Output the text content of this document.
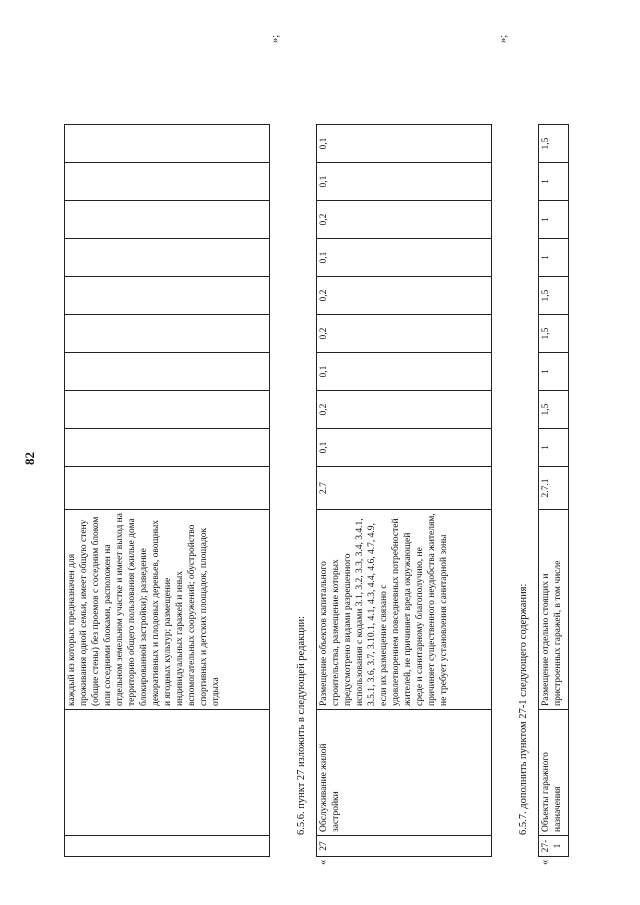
82
		каждый из которых предназначен для проживания одной семьи, имеет общую стену (общие стены) без проемов с соседним блоком или соседними блоками, расположен на отдельном земельном участке и имеет выход на территорию общего пользования (жилые дома блокированной застройки); разведение декоративных и плодовых деревьев, овощных и ягодных культур; размещение индивидуальных гаражей и иных вспомогательных сооружений; обустройство спортивных и детских площадок, площадок отдыха										
»;
6.5.6. пункт 27 изложить в следующей редакции:
«
27	Обслуживание жилой застройки	Размещение объектов капитального строительства, размещение которых предусмотрено видами разрешенного использования с кодами 3.1, 3.2, 3.3, 3.4, 3.4.1, 3.5.1, 3.6, 3.7, 3.10.1, 4.1, 4.3, 4.4, 4.6, 4.7, 4.9, если их размещение связано с удовлетворением повседневных потребностей жителей, не причиняет вреда окружающей среде и санитарному благополучию, не причиняет существенного неудобства жителям, не требует установления санитарной зоны	2.7	0,1	0,2	0,1	0,2	0,2	0,1	0,2	0,1	0,1
»;
6.5.7. дополнить пунктом 27-1 следующего содержания:
«
27-1	Объекты гаражного назначения	Размещение отдельно стоящих и пристроенных гаражей, в том числе	2.7.1	1	1,5	1	1,5	1,5	1	1	1	1,5
